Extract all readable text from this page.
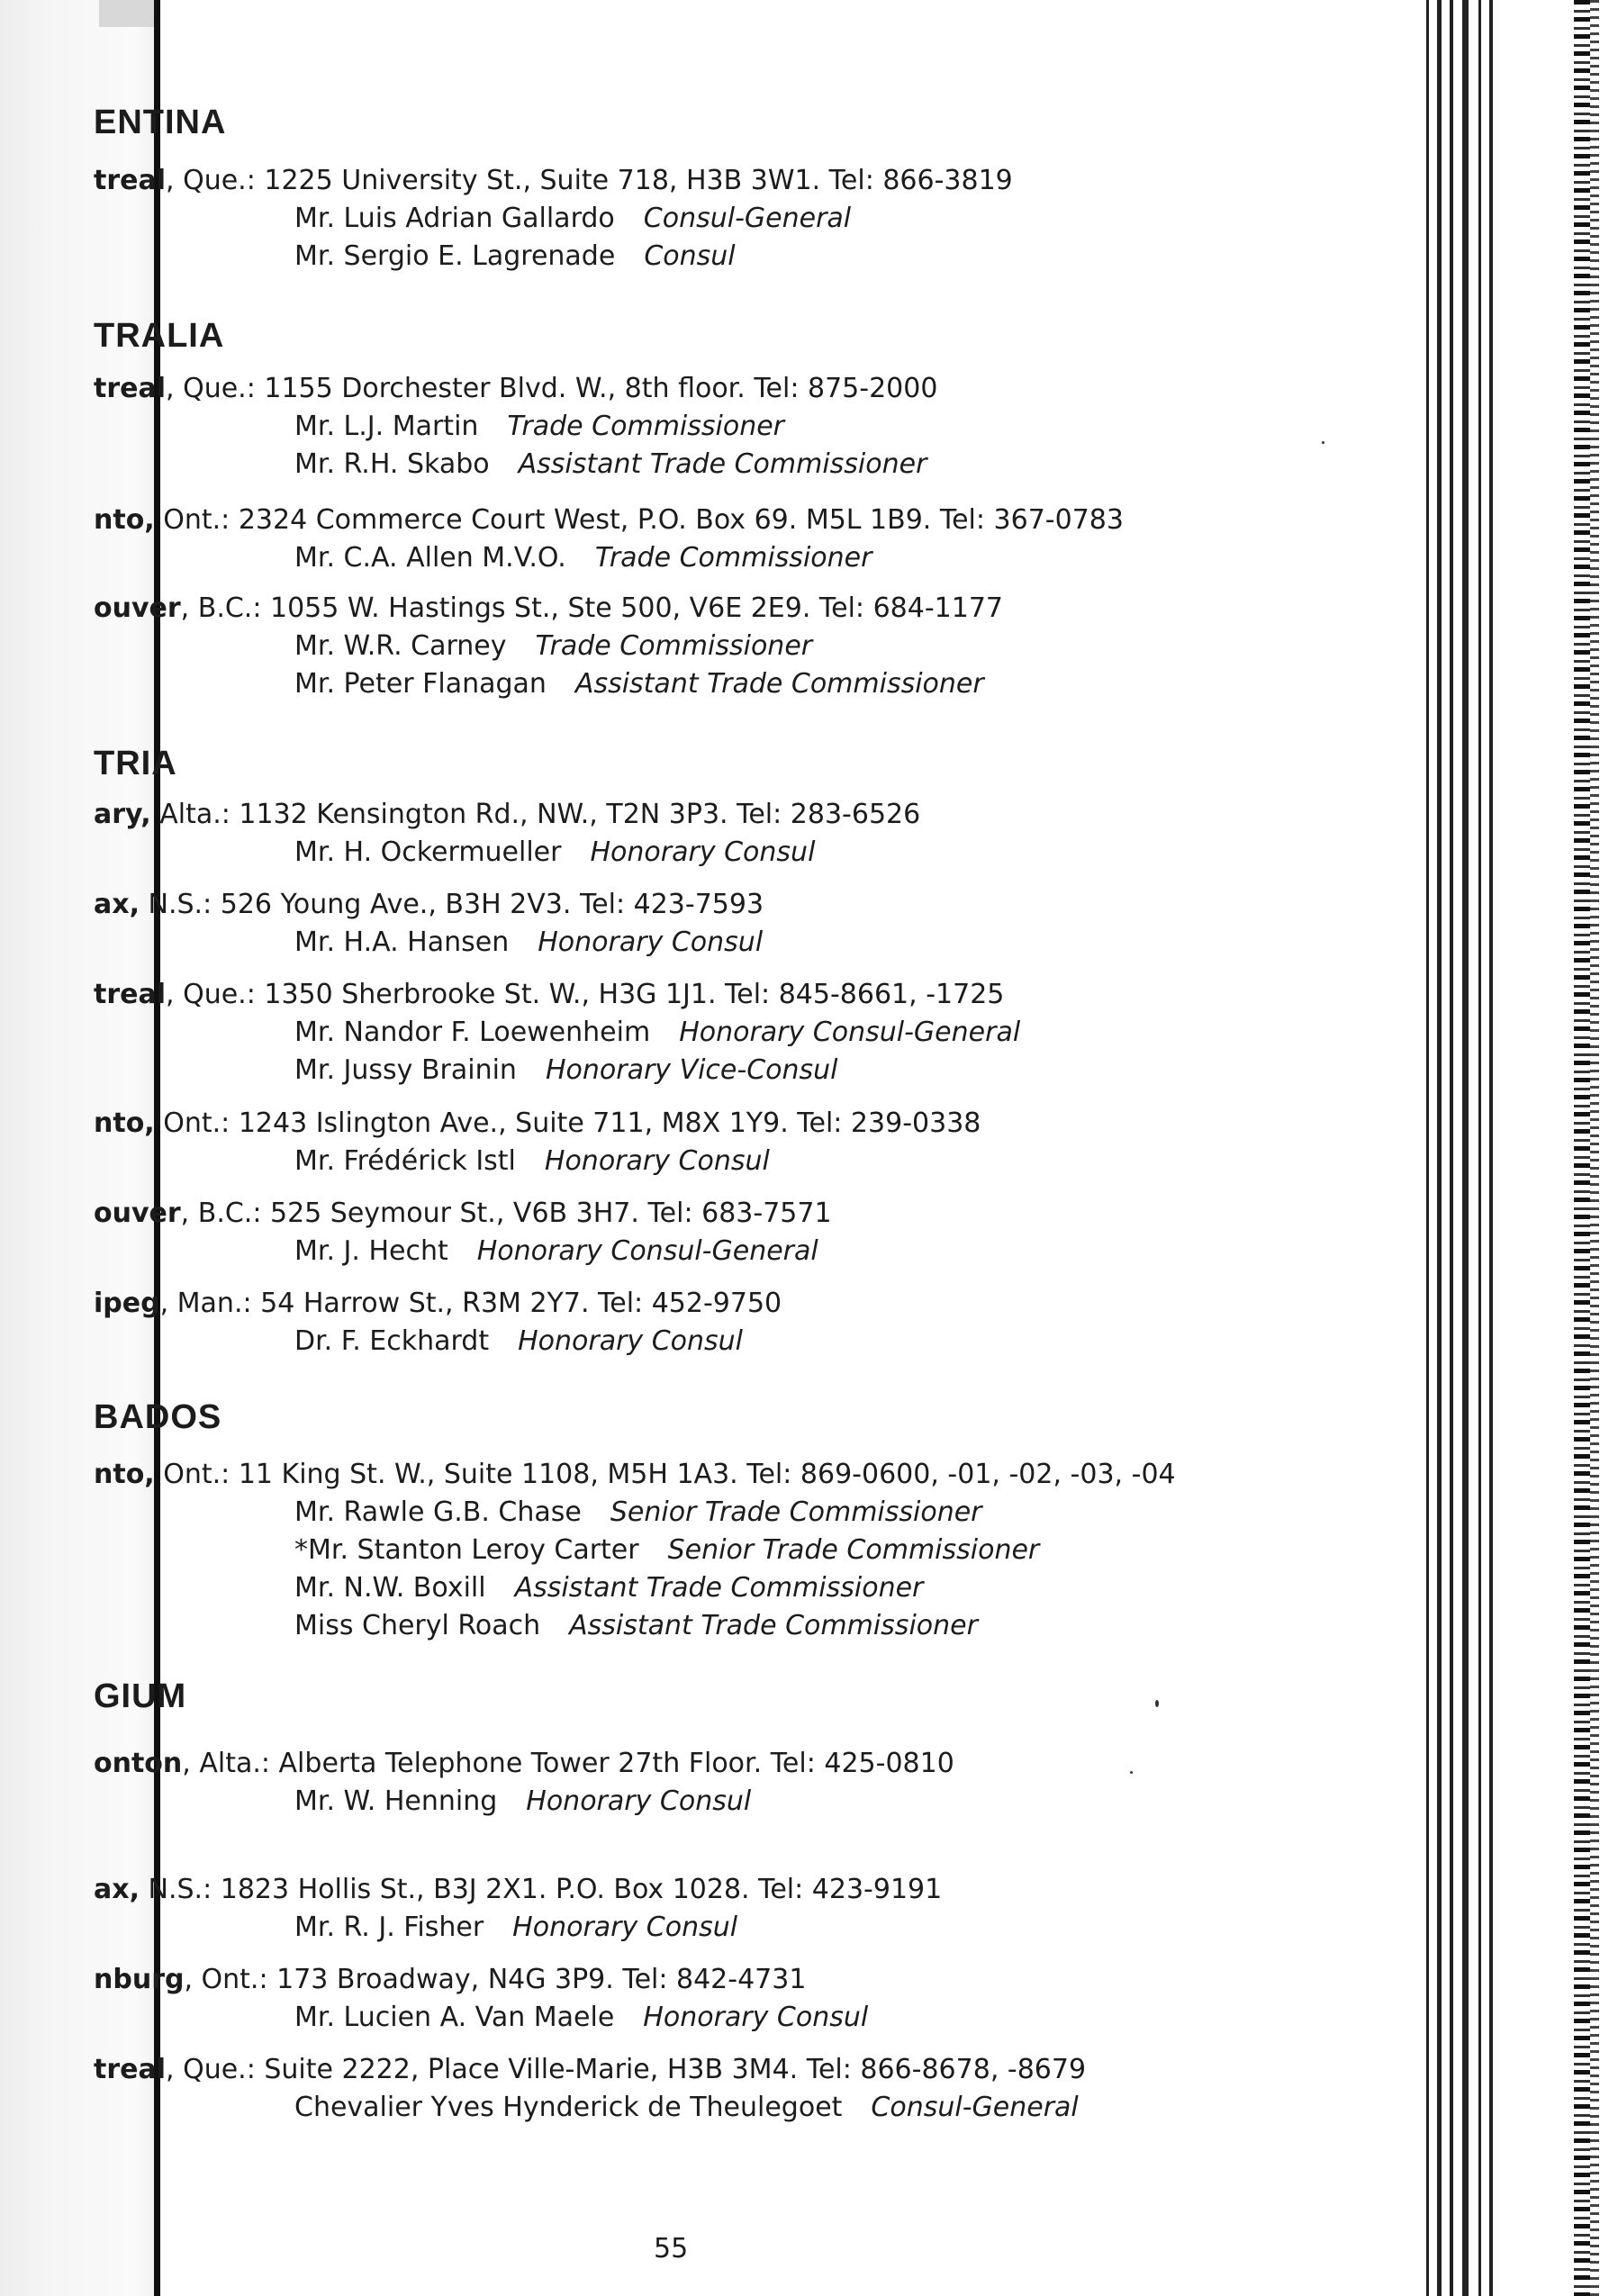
ENTINA
treal, Que.: 1225 University St., Suite 718, H3B 3W1. Tel: 866-3819
Mr. Luis Adrian Gallardo Consul-General
Mr. Sergio E. Lagrenade Consul
TRALIA
treal, Que.: 1155 Dorchester Blvd. W., 8th floor. Tel: 875-2000
Mr. L.J. Martin Trade Commissioner
Mr. R.H. Skabo Assistant Trade Commissioner
nto, Ont.: 2324 Commerce Court West, P.O. Box 69. M5L 1B9. Tel: 367-0783
Mr. C.A. Allen M.V.O. Trade Commissioner
ouver, B.C.: 1055 W. Hastings St., Ste 500, V6E 2E9. Tel: 684-1177
Mr. W.R. Carney Trade Commissioner
Mr. Peter Flanagan Assistant Trade Commissioner
TRIA
ary, Alta.: 1132 Kensington Rd., NW., T2N 3P3. Tel: 283-6526
Mr. H. Ockermueller Honorary Consul
ax, N.S.: 526 Young Ave., B3H 2V3. Tel: 423-7593
Mr. H.A. Hansen Honorary Consul
treal, Que.: 1350 Sherbrooke St. W., H3G 1J1. Tel: 845-8661, -1725
Mr. Nandor F. Loewenheim Honorary Consul-General
Mr. Jussy Brainin Honorary Vice-Consul
nto, Ont.: 1243 Islington Ave., Suite 711, M8X 1Y9. Tel: 239-0338
Mr. Frédérick Istl Honorary Consul
ouver, B.C.: 525 Seymour St., V6B 3H7. Tel: 683-7571
Mr. J. Hecht Honorary Consul-General
ipeg, Man.: 54 Harrow St., R3M 2Y7. Tel: 452-9750
Dr. F. Eckhardt Honorary Consul
BADOS
nto, Ont.: 11 King St. W., Suite 1108, M5H 1A3. Tel: 869-0600, -01, -02, -03, -04
Mr. Rawle G.B. Chase Senior Trade Commissioner
*Mr. Stanton Leroy Carter Senior Trade Commissioner
Mr. N.W. Boxill Assistant Trade Commissioner
Miss Cheryl Roach Assistant Trade Commissioner
GIUM
onton, Alta.: Alberta Telephone Tower 27th Floor. Tel: 425-0810
Mr. W. Henning Honorary Consul
ax, N.S.: 1823 Hollis St., B3J 2X1. P.O. Box 1028. Tel: 423-9191
Mr. R. J. Fisher Honorary Consul
nburg, Ont.: 173 Broadway, N4G 3P9. Tel: 842-4731
Mr. Lucien A. Van Maele Honorary Consul
treal, Que.: Suite 2222, Place Ville-Marie, H3B 3M4. Tel: 866-8678, -8679
Chevalier Yves Hynderick de Theulegoet Consul-General
55
